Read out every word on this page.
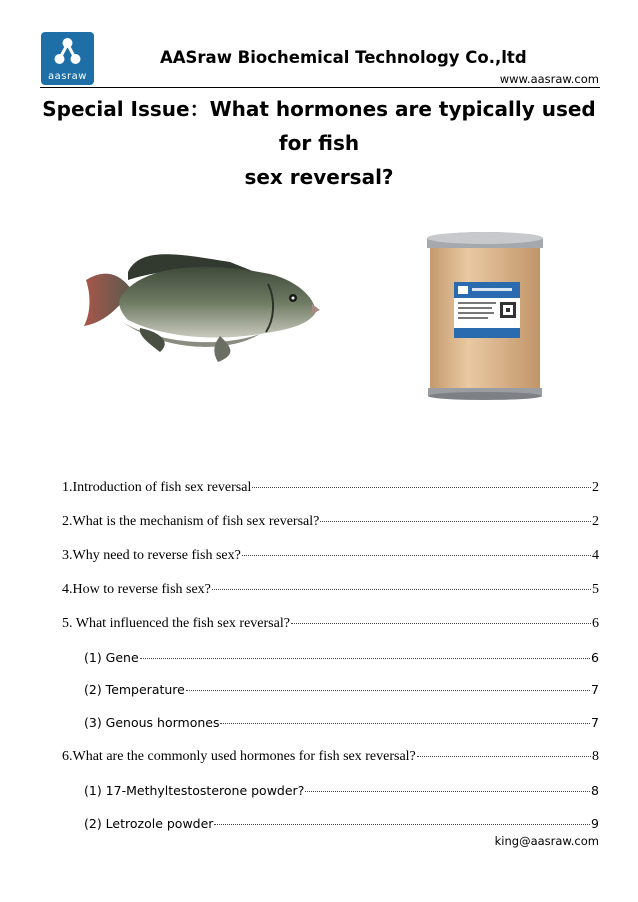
aasraw
AASraw Biochemical Technology Co.,ltd
www.aasraw.com
Special Issue：What hormones are typically used for fish
sex reversal?
1.Introduction of fish sex reversal	2
2.What is the mechanism of fish sex reversal?	2
3.Why need to reverse fish sex?	4
4.How to reverse fish sex?	5
5. What influenced the fish sex reversal?	6
(1) Gene	6
(2) Temperature	7
(3) Genous hormones	7
6.What are the commonly used hormones for fish sex reversal?	8
(1) 17-Methyltestosterone powder?	8
(2) Letrozole powder	9
king@aasraw.com
